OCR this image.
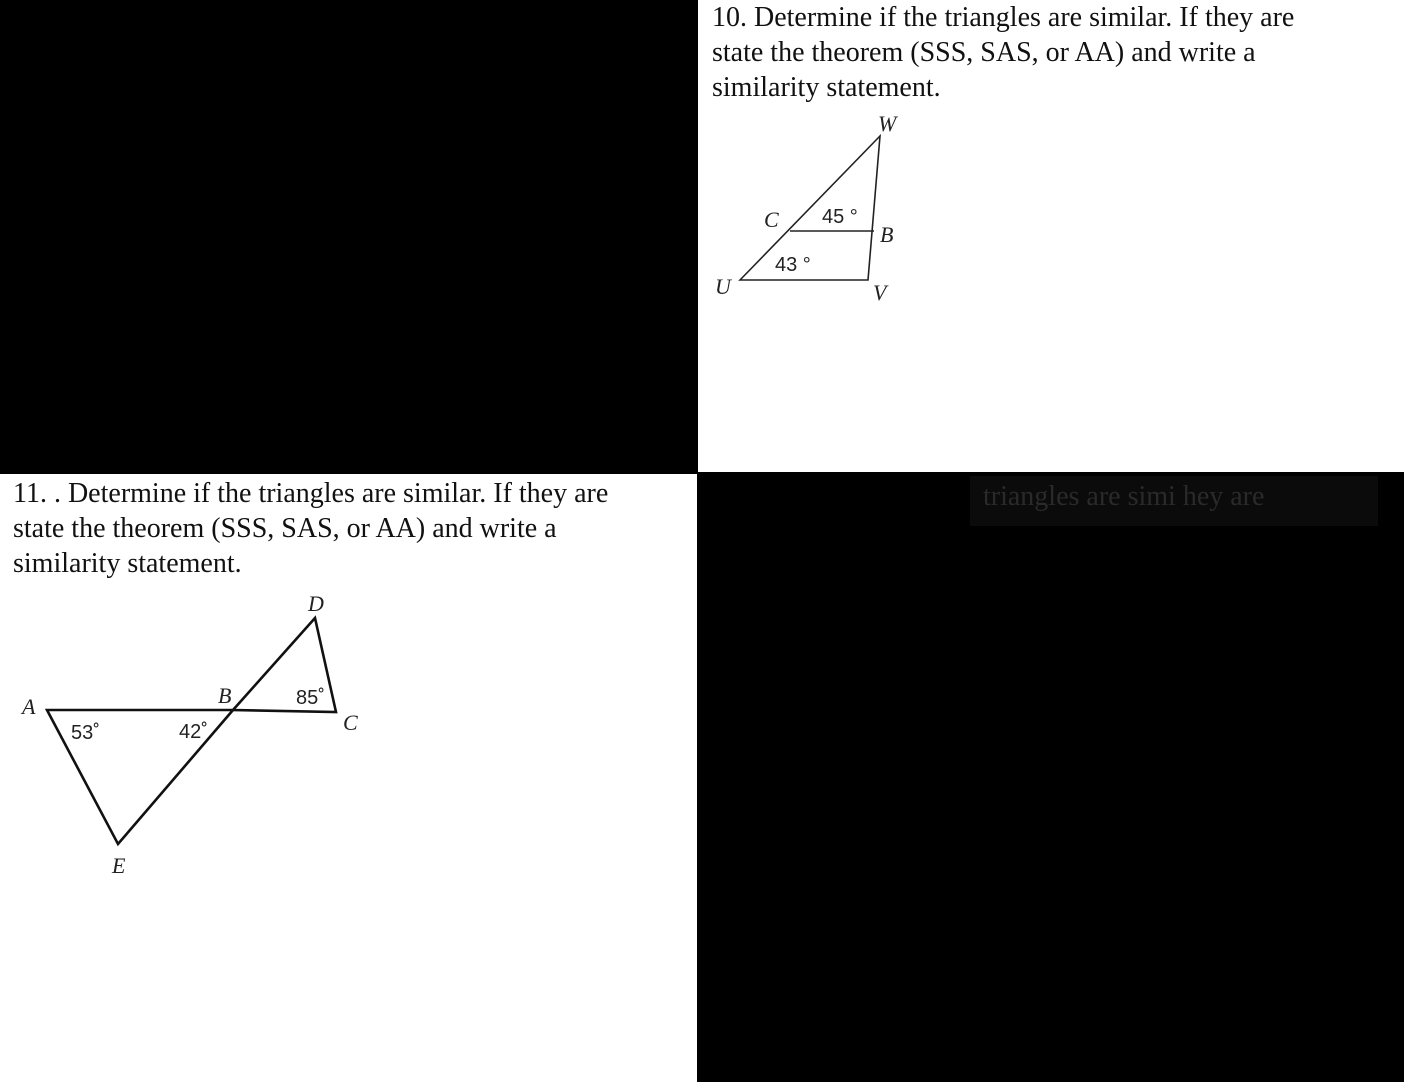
triangles are simi hey are

10. Determine if the triangles are similar. If they are
state the theorem (SSS, SAS, or AA) and write a
similarity statement.

W
C
B
U	V
45 °
43 °

11. . Determine if the triangles are similar. If they are
state the theorem (SSS, SAS, or AA) and write a
similarity statement.

A	B
C
D
E
53˚	42˚
85˚
